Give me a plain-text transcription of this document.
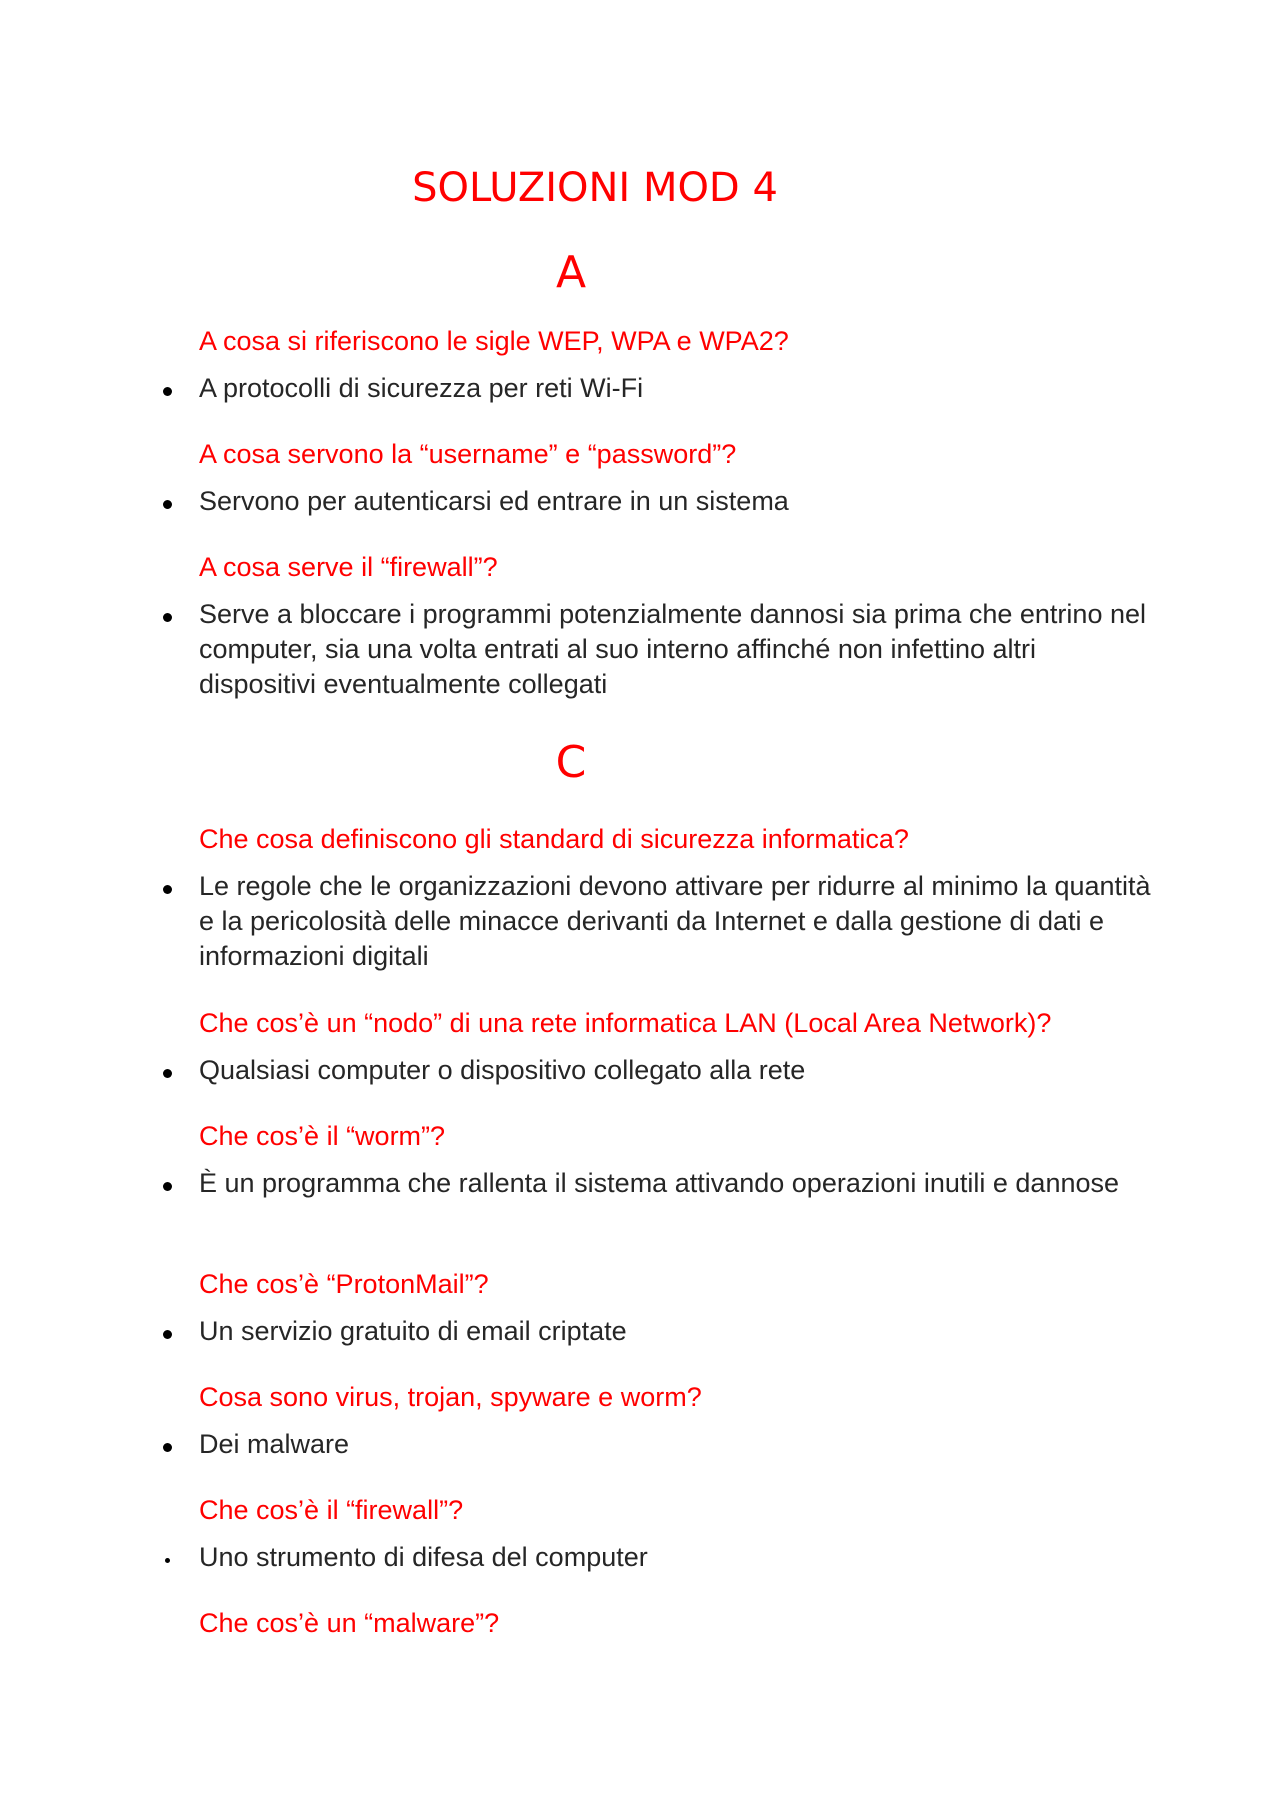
SOLUZIONI MOD 4
A
A cosa si riferiscono le sigle WEP, WPA e WPA2?
A protocolli di sicurezza per reti Wi-Fi
A cosa servono la “username” e “password”?
Servono per autenticarsi ed entrare in un sistema
A cosa serve il “firewall”?
Serve a bloccare i programmi potenzialmente dannosi sia prima che entrino nel computer, sia una volta entrati al suo interno affinché non infettino altri dispositivi eventualmente collegati
C
Che cosa definiscono gli standard di sicurezza informatica?
Le regole che le organizzazioni devono attivare per ridurre al minimo la quantità e la pericolosità delle minacce derivanti da Internet e dalla gestione di dati e informazioni digitali
Che cos’è un “nodo” di una rete informatica LAN (Local Area Network)?
Qualsiasi computer o dispositivo collegato alla rete
Che cos’è il “worm”?
È un programma che rallenta il sistema attivando operazioni inutili e dannose
Che cos’è “ProtonMail”?
Un servizio gratuito di email criptate
Cosa sono virus, trojan, spyware e worm?
Dei malware
Che cos’è il “firewall”?
Uno strumento di difesa del computer
Che cos’è un “malware”?
